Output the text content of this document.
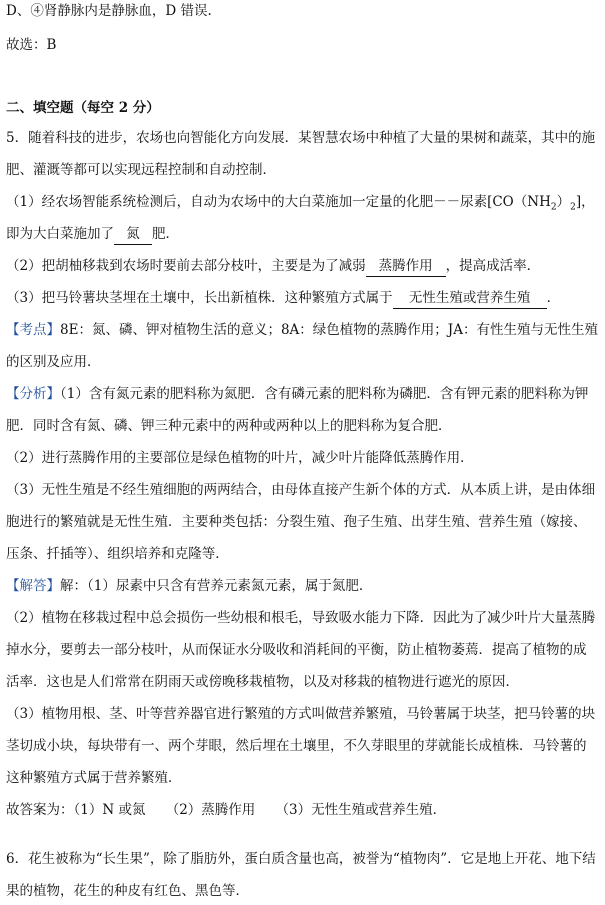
D、④肾静脉内是静脉血，D 错误.
故选：B
二、填空题（每空 2 分）
5．随着科技的进步，农场也向智能化方向发展．某智慧农场中种植了大量的果树和蔬菜，其中的施
肥、灌溉等都可以实现远程控制和自动控制．
（1）经农场智能系统检测后，自动为农场中的大白菜施加一定量的化肥－－尿素$[CO(NH_2)_2]$，
即为大白菜施加了 氮 肥．
（2）把胡柚移栽到农场时要前去部分枝叶，主要是为了减弱 蒸腾作用 ，提高成活率．
（3）把马铃薯块茎埋在土壤中，长出新植株．这种繁殖方式属于 无性生殖或营养生殖 ．
【考点】8E：氮、磷、钾对植物生活的意义；8A：绿色植物的蒸腾作用；JA：有性生殖与无性生殖
的区别及应用．
【分析】（1）含有氮元素的肥料称为氮肥．含有磷元素的肥料称为磷肥．含有钾元素的肥料称为钾
肥．同时含有氮、磷、钾三种元素中的两种或两种以上的肥料称为复合肥．
（2）进行蒸腾作用的主要部位是绿色植物的叶片，减少叶片能降低蒸腾作用．
（3）无性生殖是不经生殖细胞的两两结合，由母体直接产生新个体的方式．从本质上讲，是由体细
胞进行的繁殖就是无性生殖．主要种类包括：分裂生殖、孢子生殖、出芽生殖、营养生殖（嫁接、
压条、扦插等）、组织培养和克隆等．
【解答】解：（1）尿素中只含有营养元素氮元素，属于氮肥．
（2）植物在移栽过程中总会损伤一些幼根和根毛，导致吸水能力下降．因此为了减少叶片大量蒸腾
掉水分，要剪去一部分枝叶，从而保证水分吸收和消耗间的平衡，防止植物萎蔫．提高了植物的成
活率．这也是人们常常在阴雨天或傍晚移栽植物，以及对移栽的植物进行遮光的原因．
（3）植物用根、茎、叶等营养器官进行繁殖的方式叫做营养繁殖，马铃薯属于块茎，把马铃薯的块
茎切成小块，每块带有一、两个芽眼，然后埋在土壤里，不久芽眼里的芽就能长成植株．马铃薯的
这种繁殖方式属于营养繁殖．
故答案为：（1）N 或氮　　（2）蒸腾作用　　（3）无性生殖或营养生殖．
6．花生被称为“长生果”，除了脂肪外，蛋白质含量也高，被誉为“植物肉”．它是地上开花、地下结
果的植物，花生的种皮有红色、黑色等．
